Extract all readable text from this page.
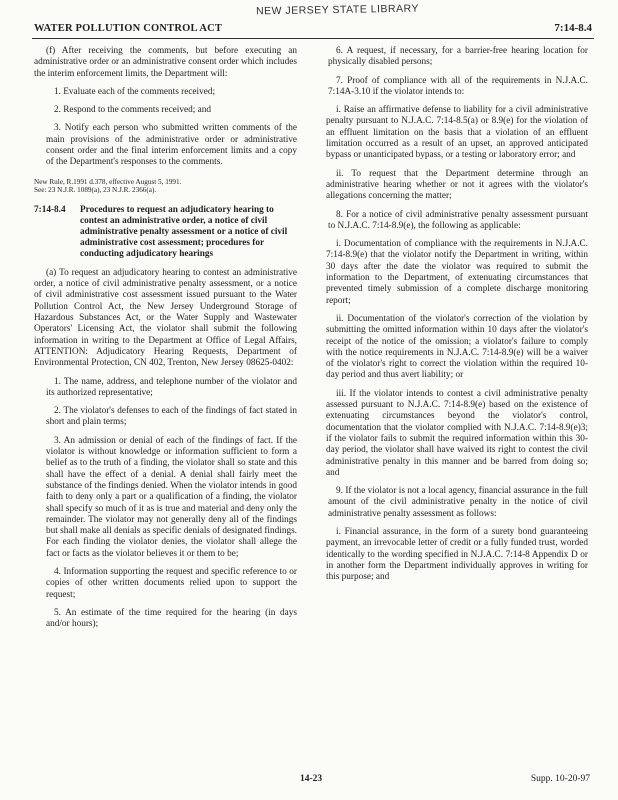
NEW JERSEY STATE LIBRARY
WATER POLLUTION CONTROL ACT	7:14-8.4

(f) After receiving the comments, but before executing an administrative order or an administrative consent order which includes the interim enforcement limits, the Department will:

1. Evaluate each of the comments received;

2. Respond to the comments received; and

3. Notify each person who submitted written comments of the main provisions of the administrative order or administrative consent order and the final interim enforcement limits and a copy of the Department's responses to the comments.

New Rule, R.1991 d.378, effective August 5, 1991.
See: 23 N.J.R. 1089(a), 23 N.J.R. 2366(a).

7:14-8.4	Procedures to request an adjudicatory hearing to contest an administrative order, a notice of civil administrative penalty assessment or a notice of civil administrative cost assessment; procedures for conducting adjudicatory hearings

(a) To request an adjudicatory hearing to contest an administrative order, a notice of civil administrative penalty assessment, or a notice of civil administrative cost assessment issued pursuant to the Water Pollution Control Act, the New Jersey Underground Storage of Hazardous Substances Act, or the Water Supply and Wastewater Operators' Licensing Act, the violator shall submit the following information in writing to the Department at Office of Legal Affairs, ATTENTION: Adjudicatory Hearing Requests, Department of Environmental Protection, CN 402, Trenton, New Jersey 08625-0402:

1. The name, address, and telephone number of the violator and its authorized representative;

2. The violator's defenses to each of the findings of fact stated in short and plain terms;

3. An admission or denial of each of the findings of fact. If the violator is without knowledge or information sufficient to form a belief as to the truth of a finding, the violator shall so state and this shall have the effect of a denial. A denial shall fairly meet the substance of the findings denied. When the violator intends in good faith to deny only a part or a qualification of a finding, the violator shall specify so much of it as is true and material and deny only the remainder. The violator may not generally deny all of the findings but shall make all denials as specific denials of designated findings. For each finding the violator denies, the violator shall allege the fact or facts as the violator believes it or them to be;

4. Information supporting the request and specific reference to or copies of other written documents relied upon to support the request;

5. An estimate of the time required for the hearing (in days and/or hours);

6. A request, if necessary, for a barrier-free hearing location for physically disabled persons;

7. Proof of compliance with all of the requirements in N.J.A.C. 7:14A-3.10 if the violator intends to:

i. Raise an affirmative defense to liability for a civil administrative penalty pursuant to N.J.A.C. 7:14-8.5(a) or 8.9(e) for the violation of an effluent limitation on the basis that a violation of an effluent limitation occurred as a result of an upset, an approved anticipated bypass or unanticipated bypass, or a testing or laboratory error; and

ii. To request that the Department determine through an administrative hearing whether or not it agrees with the violator's allegations concerning the matter;

8. For a notice of civil administrative penalty assessment pursuant to N.J.A.C. 7:14-8.9(e), the following as applicable:

i. Documentation of compliance with the requirements in N.J.A.C. 7:14-8.9(e) that the violator notify the Department in writing, within 30 days after the date the violator was required to submit the information to the Department, of extenuating circumstances that prevented timely submission of a complete discharge monitoring report;

ii. Documentation of the violator's correction of the violation by submitting the omitted information within 10 days after the violator's receipt of the notice of the omission; a violator's failure to comply with the notice requirements in N.J.A.C. 7:14-8.9(e) will be a waiver of the violator's right to correct the violation within the required 10-day period and thus avert liability; or

iii. If the violator intends to contest a civil administrative penalty assessed pursuant to N.J.A.C. 7:14-8.9(e) based on the existence of extenuating circumstances beyond the violator's control, documentation that the violator complied with N.J.A.C. 7:14-8.9(e)3; if the violator fails to submit the required information within this 30-day period, the violator shall have waived its right to contest the civil administrative penalty in this manner and be barred from doing so; and

9. If the violator is not a local agency, financial assurance in the full amount of the civil administrative penalty in the notice of civil administrative penalty assessment as follows:

i. Financial assurance, in the form of a surety bond guaranteeing payment, an irrevocable letter of credit or a fully funded trust, worded identically to the wording specified in N.J.A.C. 7:14-8 Appendix D or in another form the Department individually approves in writing for this purpose; and

14-23	Supp. 10-20-97
